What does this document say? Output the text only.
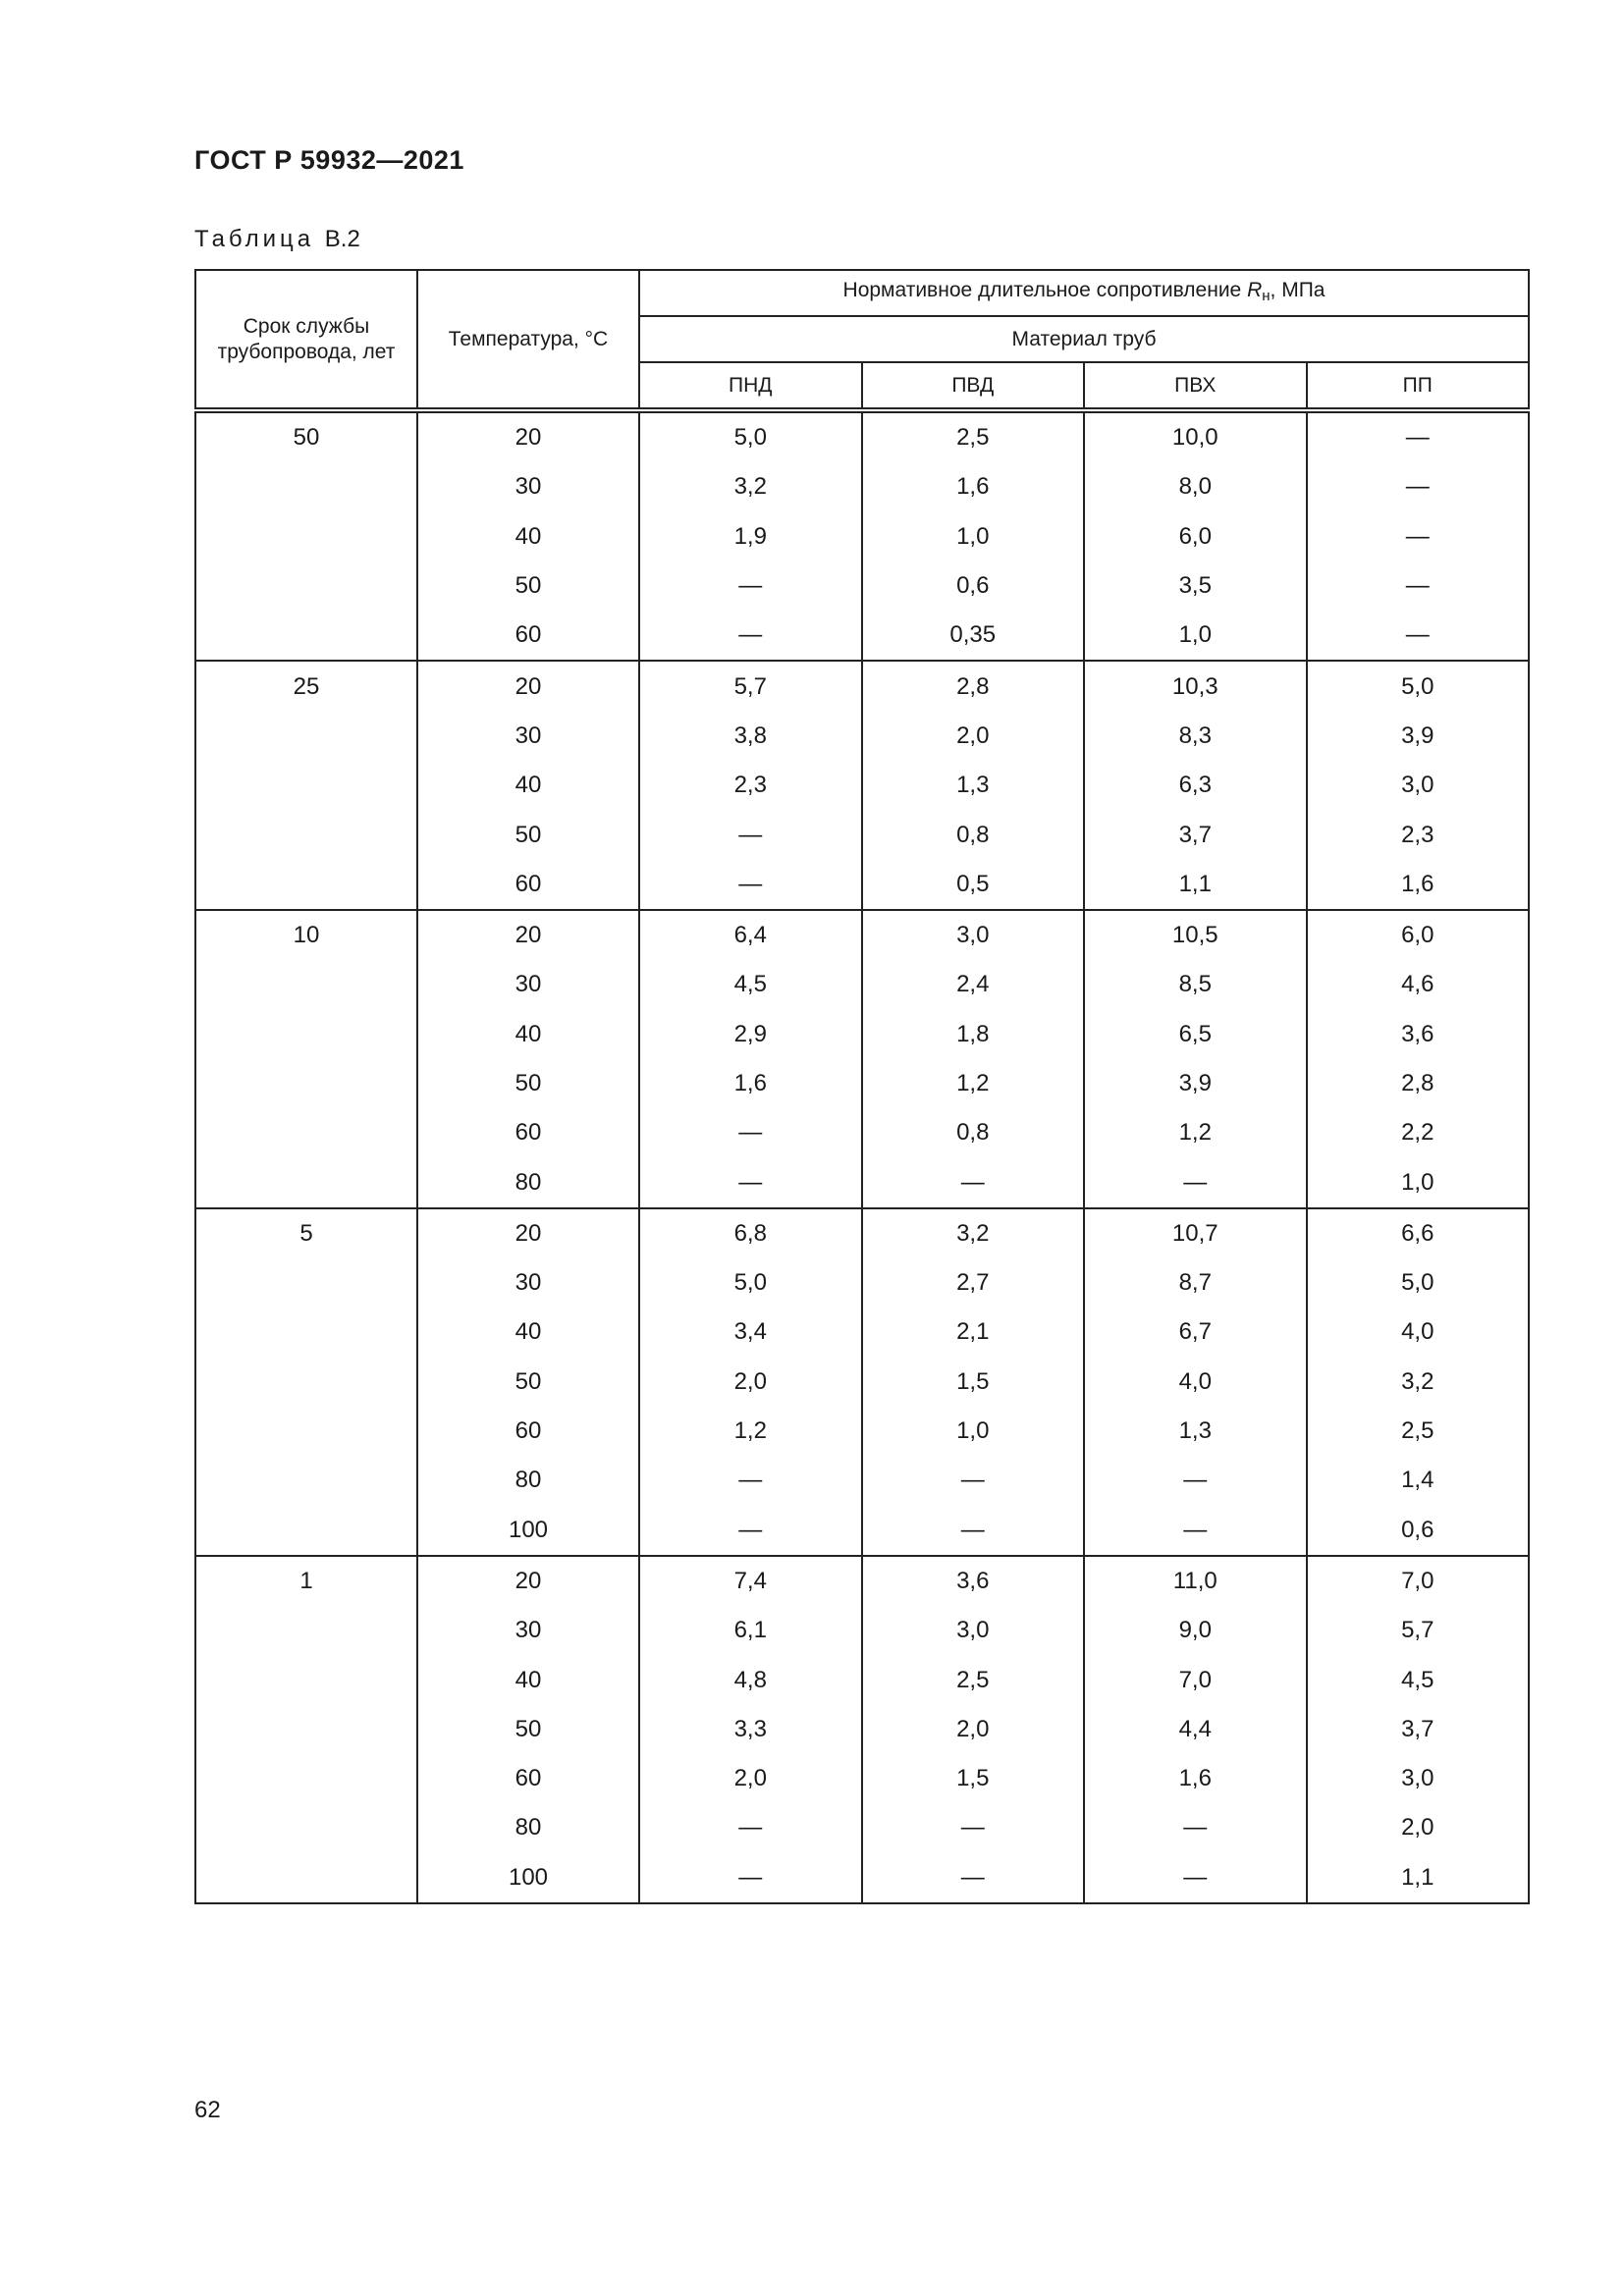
ГОСТ Р 59932—2021
Таблица В.2
Срок службы трубопровода, лет	Температура, °С	Нормативное длительное сопротивление $R_н$, МПа			
		Материал труб			
		ПНД	ПВД	ПВХ	ПП
50	20	5,0	2,5	10,0	—
	30	3,2	1,6	8,0	—
	40	1,9	1,0	6,0	—
	50	—	0,6	3,5	—
	60	—	0,35	1,0	—
25	20	5,7	2,8	10,3	5,0
	30	3,8	2,0	8,3	3,9
	40	2,3	1,3	6,3	3,0
	50	—	0,8	3,7	2,3
	60	—	0,5	1,1	1,6
10	20	6,4	3,0	10,5	6,0
	30	4,5	2,4	8,5	4,6
	40	2,9	1,8	6,5	3,6
	50	1,6	1,2	3,9	2,8
	60	—	0,8	1,2	2,2
	80	—	—	—	1,0
5	20	6,8	3,2	10,7	6,6
	30	5,0	2,7	8,7	5,0
	40	3,4	2,1	6,7	4,0
	50	2,0	1,5	4,0	3,2
	60	1,2	1,0	1,3	2,5
	80	—	—	—	1,4
	100	—	—	—	0,6
1	20	7,4	3,6	11,0	7,0
	30	6,1	3,0	9,0	5,7
	40	4,8	2,5	7,0	4,5
	50	3,3	2,0	4,4	3,7
	60	2,0	1,5	1,6	3,0
	80	—	—	—	2,0
	100	—	—	—	1,1
62
